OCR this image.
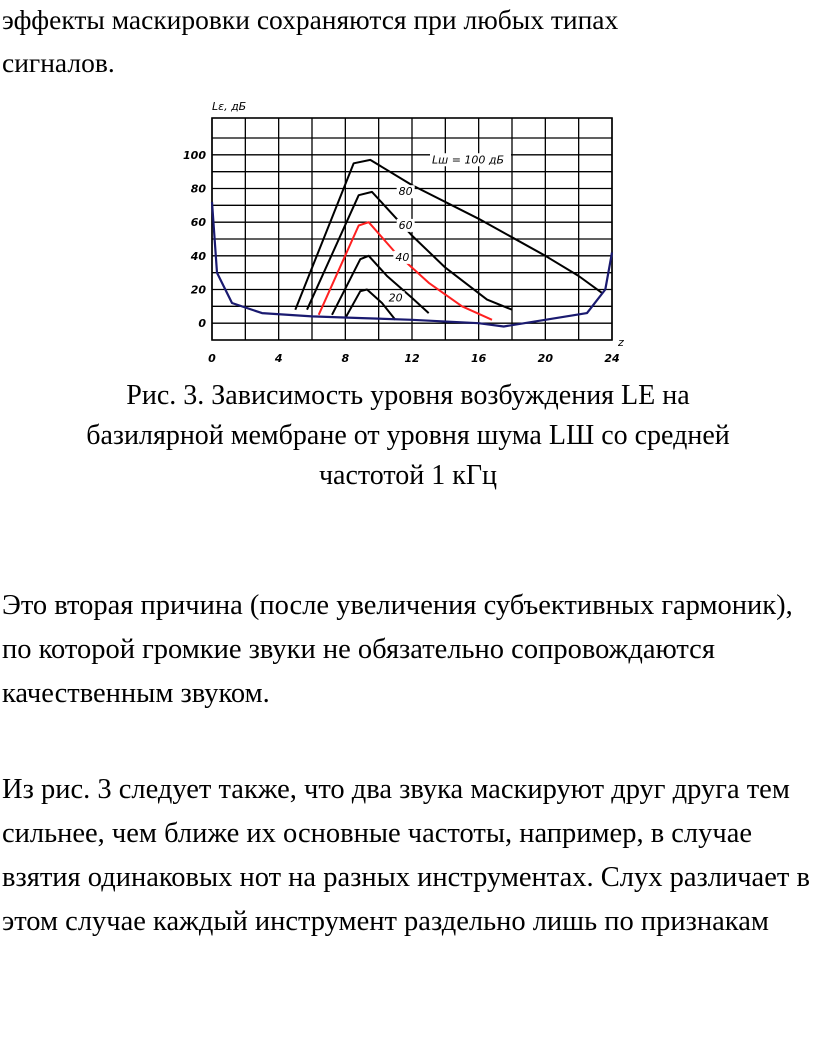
эффекты маскировки сохраняются при любых типах
сигналов.
0
20
40
60
80
100
0	4	8	12	16	20	24
Lε, дБ
z
Lш = 100 дБ
80
60
40
20
Рис. 3. Зависимость уровня возбуждения LE на
базилярной мембране от уровня шума LШ со средней
частотой 1 кГц
Это вторая причина (после увеличения субъективных гармоник), по которой громкие звуки не обязательно сопровождаются качественным звуком.
Из рис. 3 следует также, что два звука маскируют друг друга тем сильнее, чем ближе их основные частоты, например, в случае взятия одинаковых нот на разных инструментах. Слух различает в этом случае каждый инструмент раздельно лишь по признакам
